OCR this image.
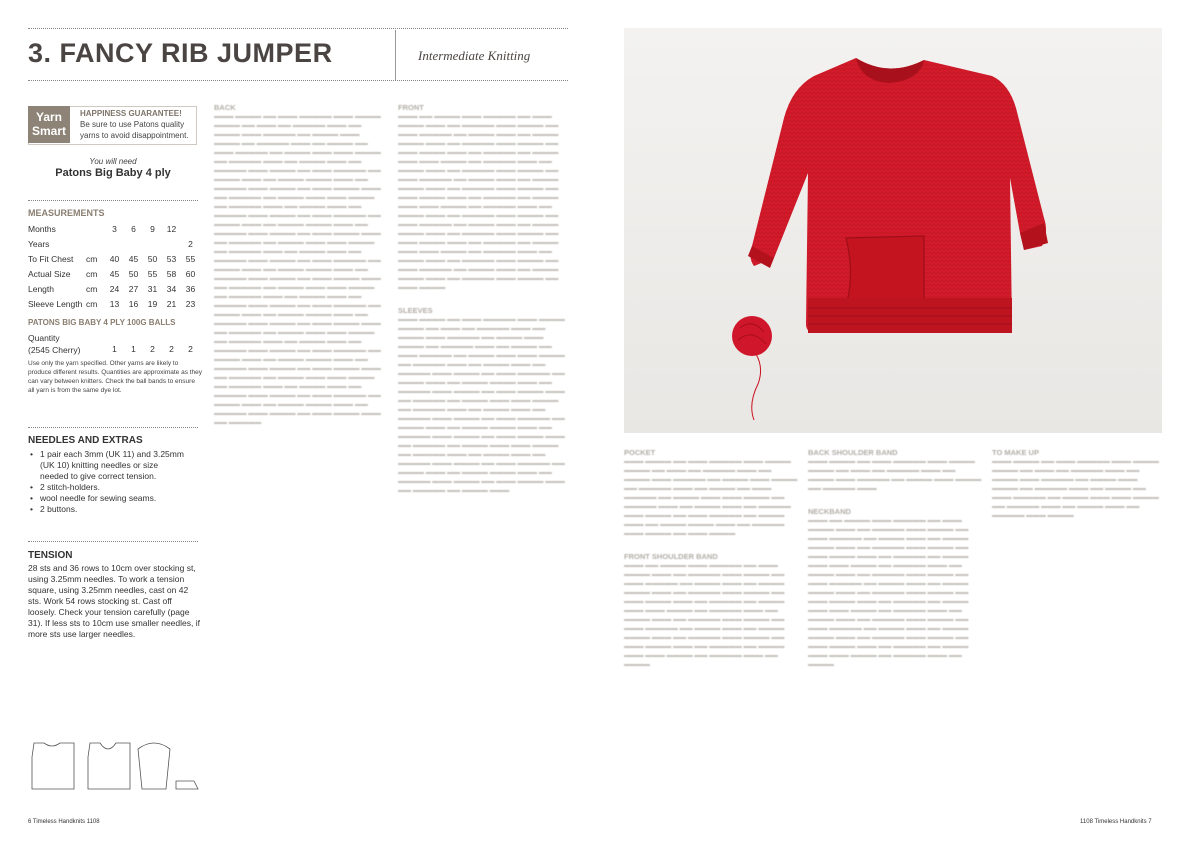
3. FANCY RIB JUMPER	Intermediate Knitting
Yarn
Smart
HAPPINESS GUARANTEE!
Be sure to use Patons quality yarns to avoid disappointment.
You will need
Patons Big Baby 4 ply
MEASUREMENTS
Months		3	6	9	12	
Years						2
To Fit Chest	cm	40	45	50	53	55
Actual Size	cm	45	50	55	58	60
Length	cm	24	27	31	34	36
Sleeve Length	cm	13	16	19	21	23
PATONS BIG BABY 4 PLY 100G BALLS
Quantity
(2545 Cherry)	1 1 2 2 2
Use only the yarn specified. Other yarns are likely to produce different results. Quantities are approximate as they can vary between knitters. Check the ball bands to ensure all yarn is from the same dye lot.
NEEDLES AND EXTRAS
• 1 pair each 3mm (UK 11) and 3.25mm (UK 10) knitting needles or size needed to give correct tension.
• 2 stitch-holders.
• wool needle for sewing seams.
• 2 buttons.
TENSION
28 sts and 36 rows to 10cm over stocking st, using 3.25mm needles. To work a tension square, using 3.25mm needles, cast on 42 sts. Work 54 rows stocking st. Cast off loosely. Check your tension carefully (page 31). If less sts to 10cm use smaller needles, if more sts use larger needles.
BACK
▬▬▬ ▬▬▬▬ ▬▬ ▬▬▬ ▬▬▬▬▬ ▬▬▬ ▬▬▬▬ ▬▬▬▬ ▬▬ ▬▬▬ ▬▬ ▬▬▬▬▬ ▬▬▬ ▬▬ ▬▬▬▬ ▬▬▬ ▬▬▬▬▬ ▬▬ ▬▬▬▬ ▬▬▬ ▬▬▬▬ ▬▬ ▬▬▬▬▬ ▬▬▬ ▬▬ ▬▬▬▬ ▬▬ ▬▬▬ ▬▬▬▬▬ ▬▬ ▬▬▬▬ ▬▬▬ ▬▬▬ ▬▬▬▬ ▬▬ ▬▬▬▬▬ ▬▬▬ ▬▬ ▬▬▬▬ ▬▬▬ ▬▬ ▬▬▬▬▬ ▬▬▬ ▬▬▬▬ ▬▬ ▬▬▬ ▬▬▬▬▬ ▬▬ ▬▬▬▬ ▬▬▬ ▬▬ ▬▬▬▬ ▬▬▬▬ ▬▬▬ ▬▬ ▬▬▬▬▬ ▬▬▬ ▬▬▬▬ ▬▬ ▬▬▬ ▬▬▬▬ ▬▬▬ ▬▬ ▬▬▬▬▬ ▬▬ ▬▬▬▬ ▬▬▬ ▬▬▬ ▬▬▬▬ ▬▬ ▬▬▬▬▬ ▬▬▬ ▬▬ ▬▬▬▬ ▬▬▬ ▬▬ ▬▬▬▬▬ ▬▬▬ ▬▬▬▬ ▬▬ ▬▬▬ ▬▬▬▬▬ ▬▬ ▬▬▬▬ ▬▬▬ ▬▬ ▬▬▬▬ ▬▬▬▬ ▬▬▬ ▬▬ ▬▬▬▬▬ ▬▬▬ ▬▬▬▬ ▬▬ ▬▬▬ ▬▬▬▬ ▬▬▬ ▬▬ ▬▬▬▬▬ ▬▬ ▬▬▬▬ ▬▬▬ ▬▬▬ ▬▬▬▬ ▬▬ ▬▬▬▬▬ ▬▬▬ ▬▬ ▬▬▬▬ ▬▬▬ ▬▬ ▬▬▬▬▬ ▬▬▬ ▬▬▬▬ ▬▬ ▬▬▬ ▬▬▬▬▬ ▬▬ ▬▬▬▬ ▬▬▬ ▬▬ ▬▬▬▬ ▬▬▬▬ ▬▬▬ ▬▬ ▬▬▬▬▬ ▬▬▬ ▬▬▬▬ ▬▬ ▬▬▬ ▬▬▬▬ ▬▬▬ ▬▬ ▬▬▬▬▬ ▬▬ ▬▬▬▬ ▬▬▬ ▬▬▬ ▬▬▬▬ ▬▬ ▬▬▬▬▬ ▬▬▬ ▬▬ ▬▬▬▬ ▬▬▬ ▬▬ ▬▬▬▬▬ ▬▬▬ ▬▬▬▬ ▬▬ ▬▬▬ ▬▬▬▬▬ ▬▬ ▬▬▬▬ ▬▬▬ ▬▬ ▬▬▬▬ ▬▬▬▬ ▬▬▬ ▬▬ ▬▬▬▬▬ ▬▬▬ ▬▬▬▬ ▬▬ ▬▬▬ ▬▬▬▬ ▬▬▬ ▬▬ ▬▬▬▬▬ ▬▬ ▬▬▬▬ ▬▬▬ ▬▬▬ ▬▬▬▬ ▬▬ ▬▬▬▬▬ ▬▬▬ ▬▬ ▬▬▬▬ ▬▬▬ ▬▬ ▬▬▬▬▬ ▬▬▬ ▬▬▬▬ ▬▬ ▬▬▬ ▬▬▬▬▬ ▬▬ ▬▬▬▬ ▬▬▬ ▬▬ ▬▬▬▬ ▬▬▬▬ ▬▬▬ ▬▬ ▬▬▬▬▬ ▬▬▬ ▬▬▬▬ ▬▬ ▬▬▬ ▬▬▬▬ ▬▬▬ ▬▬ ▬▬▬▬▬ ▬▬ ▬▬▬▬ ▬▬▬ ▬▬▬ ▬▬▬▬ ▬▬ ▬▬▬▬▬ ▬▬▬ ▬▬ ▬▬▬▬ ▬▬▬ ▬▬ ▬▬▬▬▬ ▬▬▬ ▬▬▬▬ ▬▬ ▬▬▬ ▬▬▬▬▬ ▬▬ ▬▬▬▬ ▬▬▬ ▬▬ ▬▬▬▬ ▬▬▬▬ ▬▬▬ ▬▬ ▬▬▬▬▬ ▬▬▬ ▬▬▬▬ ▬▬ ▬▬▬ ▬▬▬▬ ▬▬▬ ▬▬ ▬▬▬▬▬
FRONT
▬▬▬ ▬▬ ▬▬▬▬ ▬▬▬ ▬▬▬▬▬ ▬▬ ▬▬▬ ▬▬▬▬ ▬▬▬ ▬▬ ▬▬▬▬▬ ▬▬▬ ▬▬▬▬ ▬▬ ▬▬▬ ▬▬▬▬▬ ▬▬ ▬▬▬▬ ▬▬▬ ▬▬ ▬▬▬▬ ▬▬▬▬ ▬▬▬ ▬▬ ▬▬▬▬▬ ▬▬▬ ▬▬▬▬ ▬▬ ▬▬▬ ▬▬▬▬ ▬▬▬ ▬▬ ▬▬▬▬▬ ▬▬ ▬▬▬▬ ▬▬▬ ▬▬▬ ▬▬▬▬ ▬▬ ▬▬▬▬▬ ▬▬▬ ▬▬ ▬▬▬▬ ▬▬▬ ▬▬ ▬▬▬▬▬ ▬▬▬ ▬▬▬▬ ▬▬ ▬▬▬ ▬▬▬▬▬ ▬▬ ▬▬▬▬ ▬▬▬ ▬▬ ▬▬▬▬ ▬▬▬▬ ▬▬▬ ▬▬ ▬▬▬▬▬ ▬▬▬ ▬▬▬▬ ▬▬ ▬▬▬ ▬▬▬▬ ▬▬▬ ▬▬ ▬▬▬▬▬ ▬▬ ▬▬▬▬ ▬▬▬ ▬▬▬ ▬▬▬▬ ▬▬ ▬▬▬▬▬ ▬▬▬ ▬▬ ▬▬▬▬ ▬▬▬ ▬▬ ▬▬▬▬▬ ▬▬▬ ▬▬▬▬ ▬▬ ▬▬▬ ▬▬▬▬▬ ▬▬ ▬▬▬▬ ▬▬▬ ▬▬ ▬▬▬▬ ▬▬▬▬ ▬▬▬ ▬▬ ▬▬▬▬▬ ▬▬▬ ▬▬▬▬ ▬▬ ▬▬▬ ▬▬▬▬ ▬▬▬ ▬▬ ▬▬▬▬▬ ▬▬ ▬▬▬▬ ▬▬▬ ▬▬▬ ▬▬▬▬ ▬▬ ▬▬▬▬▬ ▬▬▬ ▬▬ ▬▬▬▬ ▬▬▬ ▬▬ ▬▬▬▬▬ ▬▬▬ ▬▬▬▬ ▬▬ ▬▬▬ ▬▬▬▬▬ ▬▬ ▬▬▬▬ ▬▬▬ ▬▬ ▬▬▬▬ ▬▬▬▬ ▬▬▬ ▬▬ ▬▬▬▬▬ ▬▬▬ ▬▬▬▬ ▬▬ ▬▬▬ ▬▬▬▬
SLEEVES
▬▬▬ ▬▬▬▬ ▬▬ ▬▬▬ ▬▬▬▬▬ ▬▬▬ ▬▬▬▬ ▬▬▬▬ ▬▬ ▬▬▬ ▬▬ ▬▬▬▬▬ ▬▬▬ ▬▬ ▬▬▬▬ ▬▬▬ ▬▬▬▬▬ ▬▬ ▬▬▬▬ ▬▬▬ ▬▬▬▬ ▬▬ ▬▬▬▬▬ ▬▬▬ ▬▬ ▬▬▬▬ ▬▬ ▬▬▬ ▬▬▬▬▬ ▬▬ ▬▬▬▬ ▬▬▬ ▬▬▬ ▬▬▬▬ ▬▬ ▬▬▬▬▬ ▬▬▬ ▬▬ ▬▬▬▬ ▬▬▬ ▬▬ ▬▬▬▬▬ ▬▬▬ ▬▬▬▬ ▬▬ ▬▬▬ ▬▬▬▬▬ ▬▬ ▬▬▬▬ ▬▬▬ ▬▬ ▬▬▬▬ ▬▬▬▬ ▬▬▬ ▬▬ ▬▬▬▬▬ ▬▬▬ ▬▬▬▬ ▬▬ ▬▬▬ ▬▬▬▬ ▬▬▬ ▬▬ ▬▬▬▬▬ ▬▬ ▬▬▬▬ ▬▬▬ ▬▬▬ ▬▬▬▬ ▬▬ ▬▬▬▬▬ ▬▬▬ ▬▬ ▬▬▬▬ ▬▬▬ ▬▬ ▬▬▬▬▬ ▬▬▬ ▬▬▬▬ ▬▬ ▬▬▬ ▬▬▬▬▬ ▬▬ ▬▬▬▬ ▬▬▬ ▬▬ ▬▬▬▬ ▬▬▬▬ ▬▬▬ ▬▬ ▬▬▬▬▬ ▬▬▬ ▬▬▬▬ ▬▬ ▬▬▬ ▬▬▬▬ ▬▬▬ ▬▬ ▬▬▬▬▬ ▬▬ ▬▬▬▬ ▬▬▬ ▬▬▬ ▬▬▬▬ ▬▬ ▬▬▬▬▬ ▬▬▬ ▬▬ ▬▬▬▬ ▬▬▬ ▬▬ ▬▬▬▬▬ ▬▬▬ ▬▬▬▬ ▬▬ ▬▬▬ ▬▬▬▬▬ ▬▬ ▬▬▬▬ ▬▬▬ ▬▬ ▬▬▬▬ ▬▬▬▬ ▬▬▬ ▬▬ ▬▬▬▬▬ ▬▬▬ ▬▬▬▬ ▬▬ ▬▬▬ ▬▬▬▬ ▬▬▬ ▬▬ ▬▬▬▬▬ ▬▬ ▬▬▬▬ ▬▬▬
POCKET
▬▬▬ ▬▬▬▬ ▬▬ ▬▬▬ ▬▬▬▬▬ ▬▬▬ ▬▬▬▬ ▬▬▬▬ ▬▬ ▬▬▬ ▬▬ ▬▬▬▬▬ ▬▬▬ ▬▬ ▬▬▬▬ ▬▬▬ ▬▬▬▬▬ ▬▬ ▬▬▬▬ ▬▬▬ ▬▬▬▬ ▬▬ ▬▬▬▬▬ ▬▬▬ ▬▬ ▬▬▬▬ ▬▬ ▬▬▬ ▬▬▬▬▬ ▬▬ ▬▬▬▬ ▬▬▬ ▬▬▬ ▬▬▬▬ ▬▬ ▬▬▬▬▬ ▬▬▬ ▬▬ ▬▬▬▬ ▬▬▬ ▬▬ ▬▬▬▬▬ ▬▬▬ ▬▬▬▬ ▬▬ ▬▬▬ ▬▬▬▬▬ ▬▬ ▬▬▬▬ ▬▬▬ ▬▬ ▬▬▬▬ ▬▬▬▬ ▬▬▬ ▬▬ ▬▬▬▬▬ ▬▬▬ ▬▬▬▬ ▬▬ ▬▬▬ ▬▬▬▬
FRONT SHOULDER BAND
▬▬▬ ▬▬ ▬▬▬▬ ▬▬▬ ▬▬▬▬▬ ▬▬ ▬▬▬ ▬▬▬▬ ▬▬▬ ▬▬ ▬▬▬▬▬ ▬▬▬ ▬▬▬▬ ▬▬ ▬▬▬ ▬▬▬▬▬ ▬▬ ▬▬▬▬ ▬▬▬ ▬▬ ▬▬▬▬ ▬▬▬▬ ▬▬▬ ▬▬ ▬▬▬▬▬ ▬▬▬ ▬▬▬▬ ▬▬ ▬▬▬ ▬▬▬▬ ▬▬▬ ▬▬ ▬▬▬▬▬ ▬▬ ▬▬▬▬ ▬▬▬ ▬▬▬ ▬▬▬▬ ▬▬ ▬▬▬▬▬ ▬▬▬ ▬▬ ▬▬▬▬ ▬▬▬ ▬▬ ▬▬▬▬▬ ▬▬▬ ▬▬▬▬ ▬▬ ▬▬▬ ▬▬▬▬▬ ▬▬ ▬▬▬▬ ▬▬▬ ▬▬ ▬▬▬▬ ▬▬▬▬ ▬▬▬ ▬▬ ▬▬▬▬▬ ▬▬▬ ▬▬▬▬ ▬▬ ▬▬▬ ▬▬▬▬ ▬▬▬ ▬▬ ▬▬▬▬▬ ▬▬ ▬▬▬▬ ▬▬▬ ▬▬▬ ▬▬▬▬ ▬▬ ▬▬▬▬▬ ▬▬▬ ▬▬ ▬▬▬▬
BACK SHOULDER BAND
▬▬▬ ▬▬▬▬ ▬▬ ▬▬▬ ▬▬▬▬▬ ▬▬▬ ▬▬▬▬ ▬▬▬▬ ▬▬ ▬▬▬ ▬▬ ▬▬▬▬▬ ▬▬▬ ▬▬ ▬▬▬▬ ▬▬▬ ▬▬▬▬▬ ▬▬ ▬▬▬▬ ▬▬▬ ▬▬▬▬ ▬▬ ▬▬▬▬▬ ▬▬▬
NECKBAND
▬▬▬ ▬▬ ▬▬▬▬ ▬▬▬ ▬▬▬▬▬ ▬▬ ▬▬▬ ▬▬▬▬ ▬▬▬ ▬▬ ▬▬▬▬▬ ▬▬▬ ▬▬▬▬ ▬▬ ▬▬▬ ▬▬▬▬▬ ▬▬ ▬▬▬▬ ▬▬▬ ▬▬ ▬▬▬▬ ▬▬▬▬ ▬▬▬ ▬▬ ▬▬▬▬▬ ▬▬▬ ▬▬▬▬ ▬▬ ▬▬▬ ▬▬▬▬ ▬▬▬ ▬▬ ▬▬▬▬▬ ▬▬ ▬▬▬▬ ▬▬▬ ▬▬▬ ▬▬▬▬ ▬▬ ▬▬▬▬▬ ▬▬▬ ▬▬ ▬▬▬▬ ▬▬▬ ▬▬ ▬▬▬▬▬ ▬▬▬ ▬▬▬▬ ▬▬ ▬▬▬ ▬▬▬▬▬ ▬▬ ▬▬▬▬ ▬▬▬ ▬▬ ▬▬▬▬ ▬▬▬▬ ▬▬▬ ▬▬ ▬▬▬▬▬ ▬▬▬ ▬▬▬▬ ▬▬ ▬▬▬ ▬▬▬▬ ▬▬▬ ▬▬ ▬▬▬▬▬ ▬▬ ▬▬▬▬ ▬▬▬ ▬▬▬ ▬▬▬▬ ▬▬ ▬▬▬▬▬ ▬▬▬ ▬▬ ▬▬▬▬ ▬▬▬ ▬▬ ▬▬▬▬▬ ▬▬▬ ▬▬▬▬ ▬▬ ▬▬▬ ▬▬▬▬▬ ▬▬ ▬▬▬▬ ▬▬▬ ▬▬ ▬▬▬▬ ▬▬▬▬ ▬▬▬ ▬▬ ▬▬▬▬▬ ▬▬▬ ▬▬▬▬ ▬▬ ▬▬▬ ▬▬▬▬ ▬▬▬ ▬▬ ▬▬▬▬▬ ▬▬ ▬▬▬▬ ▬▬▬ ▬▬▬ ▬▬▬▬ ▬▬ ▬▬▬▬▬ ▬▬▬ ▬▬ ▬▬▬▬
TO MAKE UP
▬▬▬ ▬▬▬▬ ▬▬ ▬▬▬ ▬▬▬▬▬ ▬▬▬ ▬▬▬▬ ▬▬▬▬ ▬▬ ▬▬▬ ▬▬ ▬▬▬▬▬ ▬▬▬ ▬▬ ▬▬▬▬ ▬▬▬ ▬▬▬▬▬ ▬▬ ▬▬▬▬ ▬▬▬ ▬▬▬▬ ▬▬ ▬▬▬▬▬ ▬▬▬ ▬▬ ▬▬▬▬ ▬▬ ▬▬▬ ▬▬▬▬▬ ▬▬ ▬▬▬▬ ▬▬▬ ▬▬▬ ▬▬▬▬ ▬▬ ▬▬▬▬▬ ▬▬▬ ▬▬ ▬▬▬▬ ▬▬▬ ▬▬ ▬▬▬▬▬ ▬▬▬ ▬▬▬▬
6 Timeless Handknits 1108	1108 Timeless Handknits 7
